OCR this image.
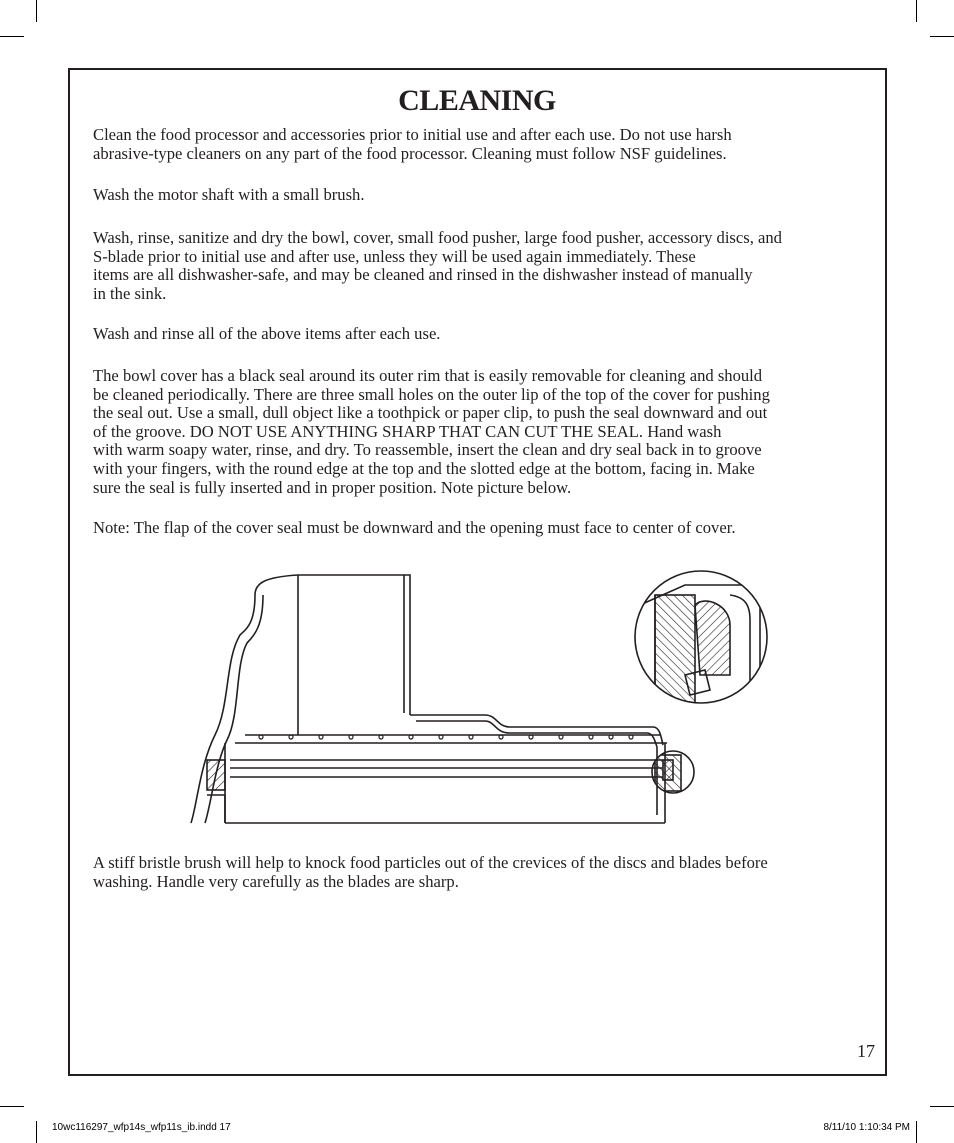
CLEANING

Clean the food processor and accessories prior to initial use and after each use. Do not use harsh
abrasive-type cleaners on any part of the food processor. Cleaning must follow NSF guidelines.

Wash the motor shaft with a small brush.

Wash, rinse, sanitize and dry the bowl, cover, small food pusher, large food pusher, accessory discs, and
S-blade prior to initial use and after use, unless they will be used again immediately. These
items are all dishwasher-safe, and may be cleaned and rinsed in the dishwasher instead of manually
in the sink.

Wash and rinse all of the above items after each use.

The bowl cover has a black seal around its outer rim that is easily removable for cleaning and should
be cleaned periodically. There are three small holes on the outer lip of the top of the cover for pushing
the seal out. Use a small, dull object like a toothpick or paper clip, to push the seal downward and out
of the groove. DO NOT USE ANYTHING SHARP THAT CAN CUT THE SEAL. Hand wash
with warm soapy water, rinse, and dry. To reassemble, insert the clean and dry seal back in to groove
with your fingers, with the round edge at the top and the slotted edge at the bottom, facing in. Make
sure the seal is fully inserted and in proper position. Note picture below.

Note: The flap of the cover seal must be downward and the opening must face to center of cover.

A stiff bristle brush will help to knock food particles out of the crevices of the discs and blades before
washing. Handle very carefully as the blades are sharp.

17
10wc116297_wfp14s_wfp11s_ib.indd 17	8/11/10 1:10:34 PM
